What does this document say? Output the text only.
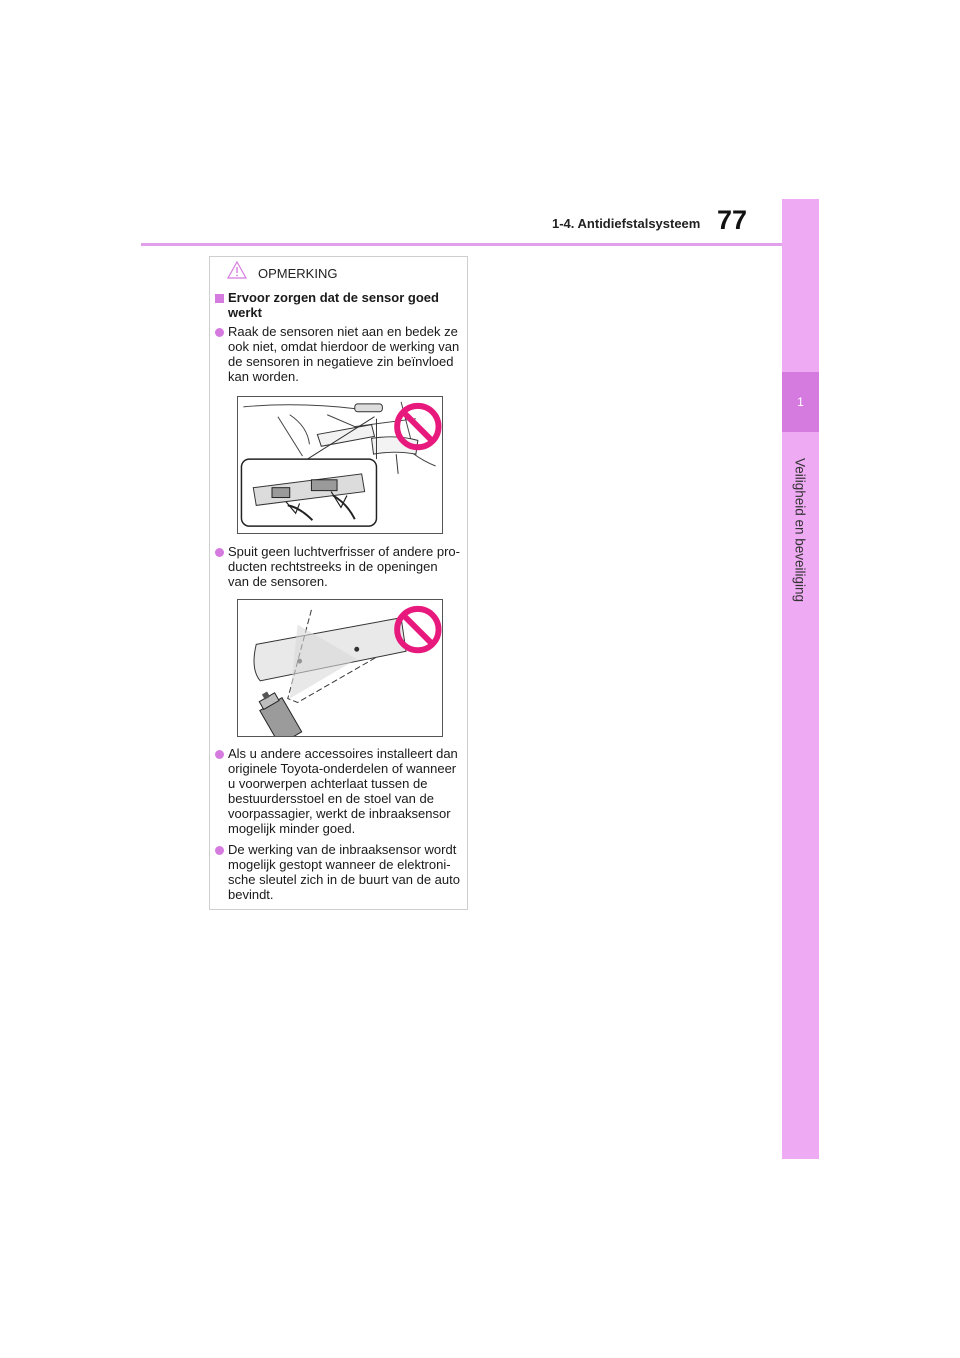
1-4. Antidiefstalsysteem 77
1
Veiligheid en beveiliging
OPMERKING
Ervoor zorgen dat de sensor goed
werkt
Raak de sensoren niet aan en bedek ze
ook niet, omdat hierdoor de werking van
de sensoren in negatieve zin beïnvloed
kan worden.
Spuit geen luchtverfrisser of andere pro-
ducten rechtstreeks in de openingen
van de sensoren.
Als u andere accessoires installeert dan
originele Toyota-onderdelen of wanneer
u voorwerpen achterlaat tussen de
bestuurdersstoel en de stoel van de
voorpassagier, werkt de inbraaksensor
mogelijk minder goed.
De werking van de inbraaksensor wordt
mogelijk gestopt wanneer de elektroni-
sche sleutel zich in de buurt van de auto
bevindt.
